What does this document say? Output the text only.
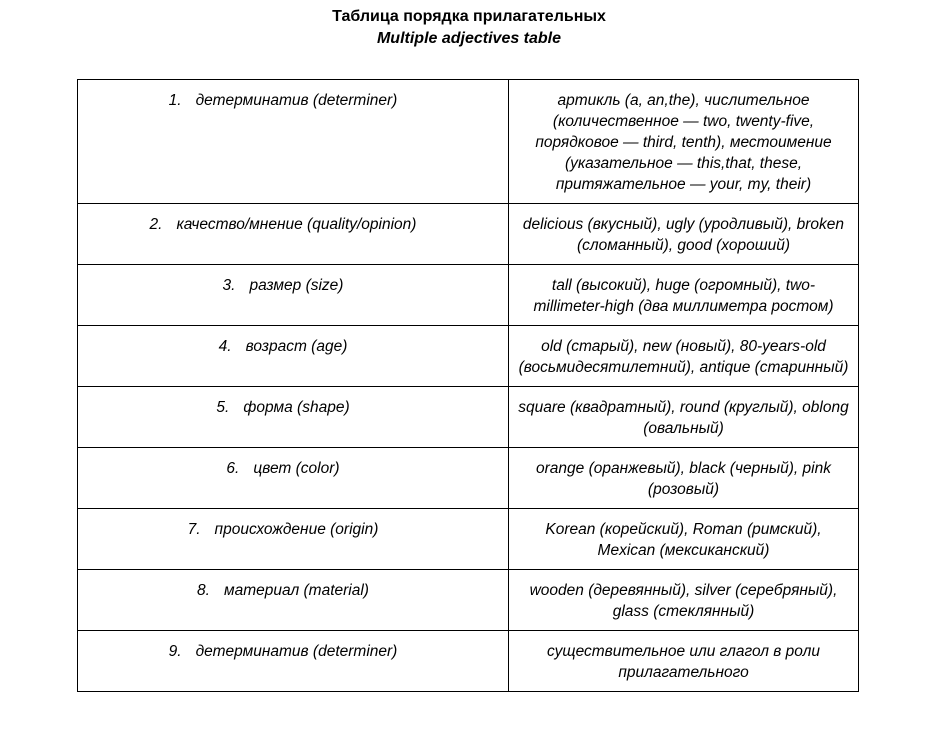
Таблица порядка прилагательных
Multiple adjectives table
1. детерминатив (determiner)	артикль (a, an,the), числительное (количественное — two, twenty-five, порядковое — third, tenth), местоимение (указательное — this,that, these, притяжательное — your, my, their)
2. качество/мнение (quality/opinion)	delicious (вкусный), ugly (уродливый), broken (сломанный), good (хороший)
3. размер (size)	tall (высокий), huge (огромный), two-millimeter-high (два миллиметра ростом)
4. возраст (age)	old (старый), new (новый), 80-years-old (восьмидесятилетний), antique (старинный)
5. форма (shape)	square (квадратный), round (круглый), oblong (овальный)
6. цвет (color)	orange (оранжевый), black (черный), pink (розовый)
7. происхождение (origin)	Korean (корейский), Roman (римский), Mexican (мексиканский)
8. материал (material)	wooden (деревянный), silver (серебряный), glass (стеклянный)
9. детерминатив (determiner)	существительное или глагол в роли прилагательного
